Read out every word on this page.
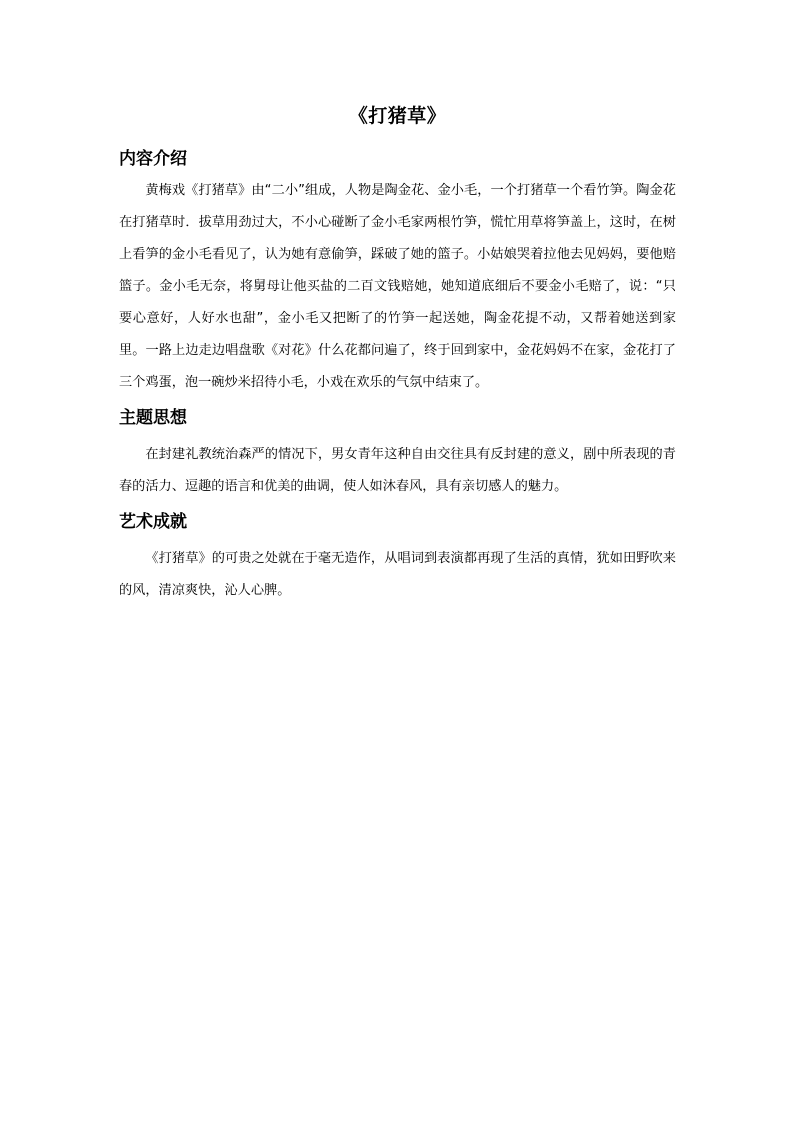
《打猪草》
内容介绍

黄梅戏《打猪草》由“二小”组成，人物是陶金花、金小毛，一个打猪草一个看竹笋。陶金花在打猪草时．拔草用劲过大，不小心碰断了金小毛家两根竹笋，慌忙用草将笋盖上，这时，在树上看笋的金小毛看见了，认为她有意偷笋，踩破了她的篮子。小姑娘哭着拉他去见妈妈，要他赔篮子。金小毛无奈，将舅母让他买盐的二百文钱赔她，她知道底细后不要金小毛赔了，说：“只要心意好，人好水也甜”，金小毛又把断了的竹笋一起送她，陶金花提不动，又帮着她送到家里。一路上边走边唱盘歌《对花》什么花都问遍了，终于回到家中，金花妈妈不在家，金花打了三个鸡蛋，泡一碗炒米招待小毛，小戏在欢乐的气氛中结束了。

主题思想

在封建礼教统治森严的情况下，男女青年这种自由交往具有反封建的意义，剧中所表现的青春的活力、逗趣的语言和优美的曲调，使人如沐春风，具有亲切感人的魅力。

艺术成就

《打猪草》的可贵之处就在于毫无造作，从唱词到表演都再现了生活的真情，犹如田野吹来的风，清凉爽快，沁人心脾。
